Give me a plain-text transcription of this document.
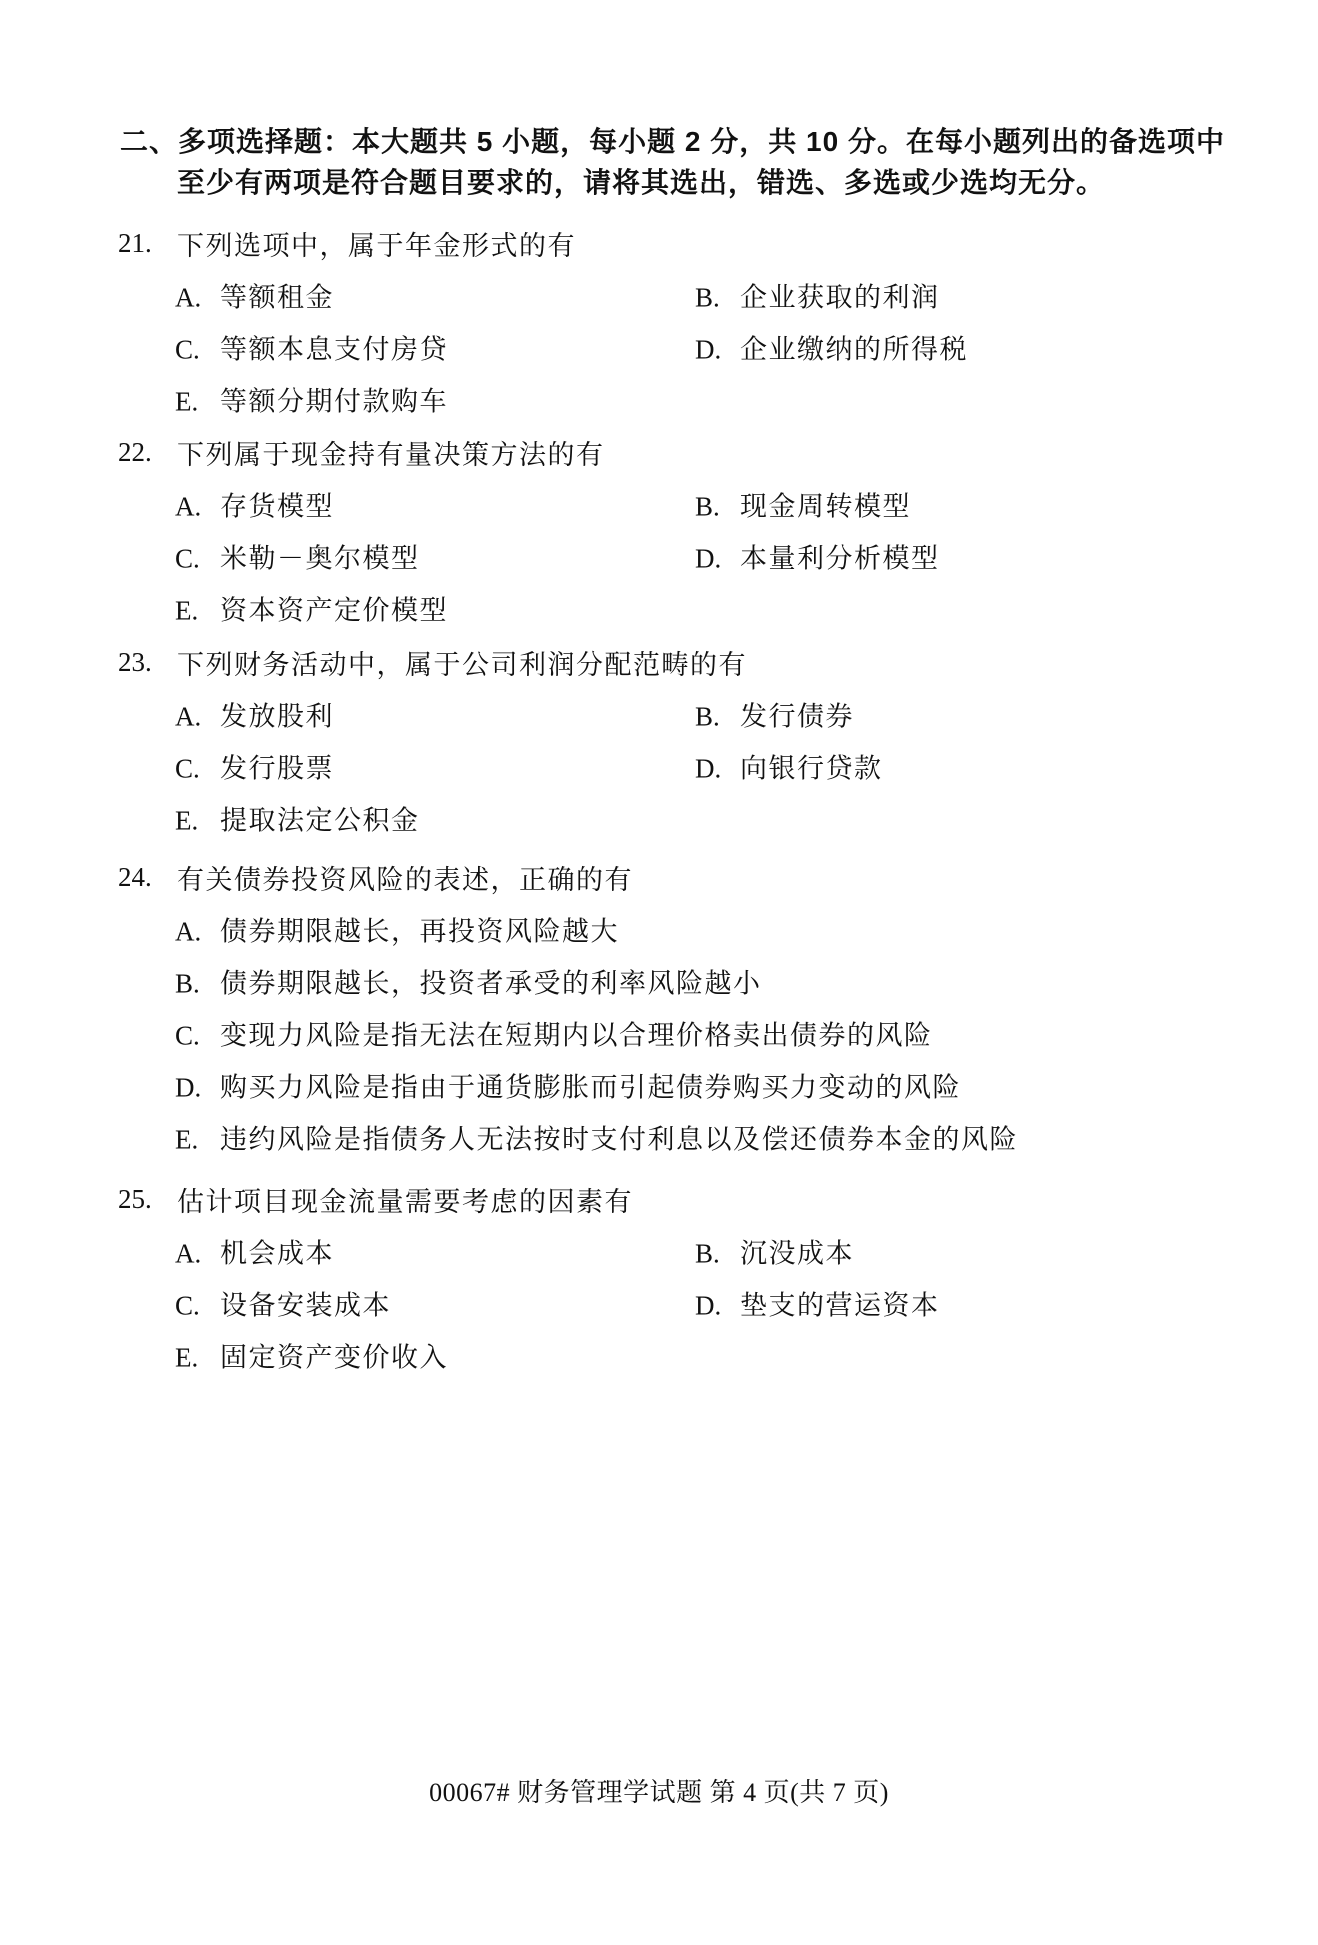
二、多项选择题：本大题共 5 小题，每小题 2 分，共 10 分。在每小题列出的备选项中
至少有两项是符合题目要求的，请将其选出，错选、多选或少选均无分。
21. 下列选项中，属于年金形式的有
A. 等额租金	B. 企业获取的利润
C. 等额本息支付房贷	D. 企业缴纳的所得税
E. 等额分期付款购车
22. 下列属于现金持有量决策方法的有
A. 存货模型	B. 现金周转模型
C. 米勒－奥尔模型	D. 本量利分析模型
E. 资本资产定价模型
23. 下列财务活动中，属于公司利润分配范畴的有
A. 发放股利	B. 发行债券
C. 发行股票	D. 向银行贷款
E. 提取法定公积金
24. 有关债券投资风险的表述，正确的有
A. 债券期限越长，再投资风险越大
B. 债券期限越长，投资者承受的利率风险越小
C. 变现力风险是指无法在短期内以合理价格卖出债券的风险
D. 购买力风险是指由于通货膨胀而引起债券购买力变动的风险
E. 违约风险是指债务人无法按时支付利息以及偿还债券本金的风险
25. 估计项目现金流量需要考虑的因素有
A. 机会成本	B. 沉没成本
C. 设备安装成本	D. 垫支的营运资本
E. 固定资产变价收入
00067# 财务管理学试题 第 4 页(共 7 页)
